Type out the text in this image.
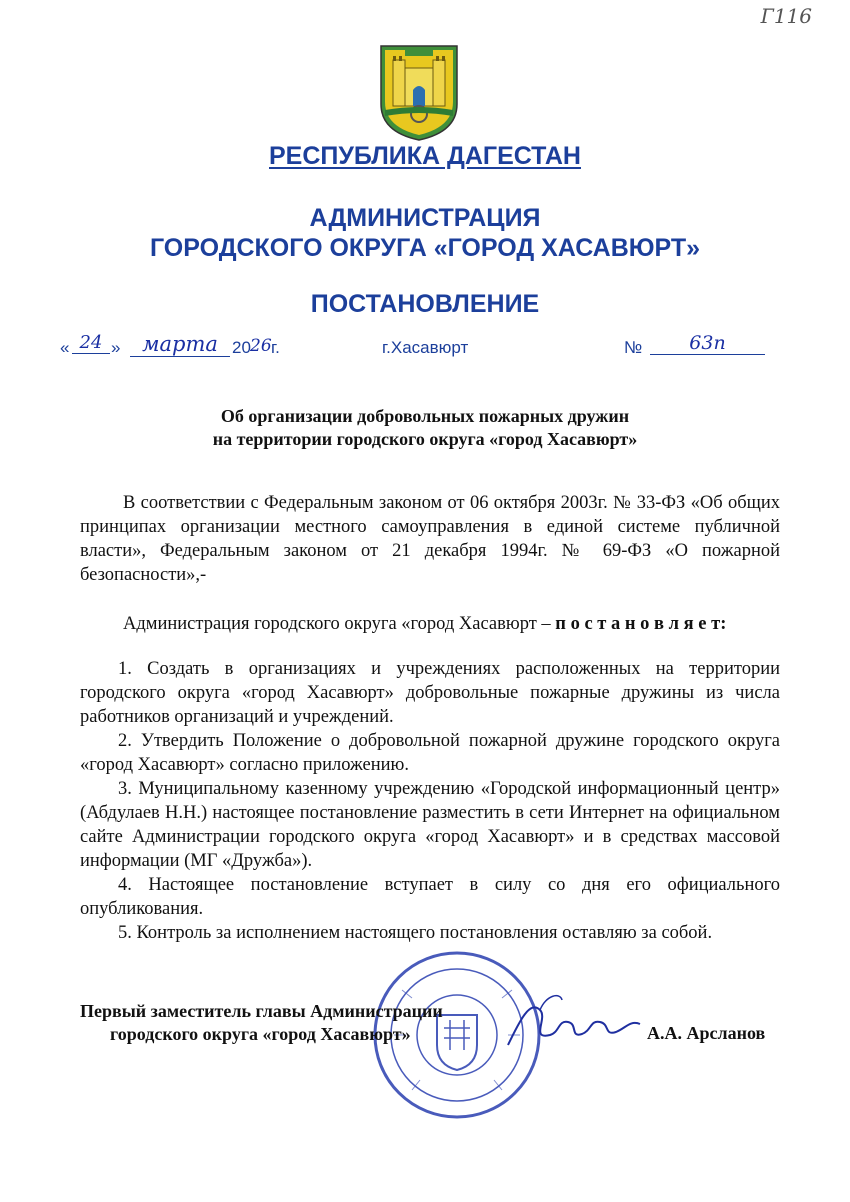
Г116
РЕСПУБЛИКА ДАГЕСТАН
АДМИНИСТРАЦИЯ
ГОРОДСКОГО ОКРУГА «ГОРОД ХАСАВЮРТ»
ПОСТАНОВЛЕНИЕ
« 24 »	марта 20 26 г.	г.Хасавюрт	№	63п
Об организации добровольных пожарных дружин
на территории городского округа «город Хасавюрт»
В соответствии с Федеральным законом от 06 октября 2003г. № 33-ФЗ «Об общих принципах организации местного самоуправления в единой системе публичной власти», Федеральным законом от 21 декабря 1994г. № 69-ФЗ «О пожарной безопасности»,-
Администрация городского округа «город Хасавюрт – п о с т а н о в л я е т:

1. Создать в организациях и учреждениях расположенных на территории городского округа «город Хасавюрт» добровольные пожарные дружины из числа работников организаций и учреждений.

2. Утвердить Положение о добровольной пожарной дружине городского округа «город Хасавюрт» согласно приложению.

3. Муниципальному казенному учреждению «Городской информационный центр» (Абдулаев Н.Н.) настоящее постановление разместить в сети Интернет на официальном сайте Администрации городского округа «город Хасавюрт» и в средствах массовой информации (МГ «Дружба»).

4. Настоящее постановление вступает в силу со дня его официального опубликования.

5. Контроль за исполнением настоящего постановления оставляю за собой.

Первый заместитель главы Администрации
городского округа «город Хасавюрт»	А.А. Арсланов
